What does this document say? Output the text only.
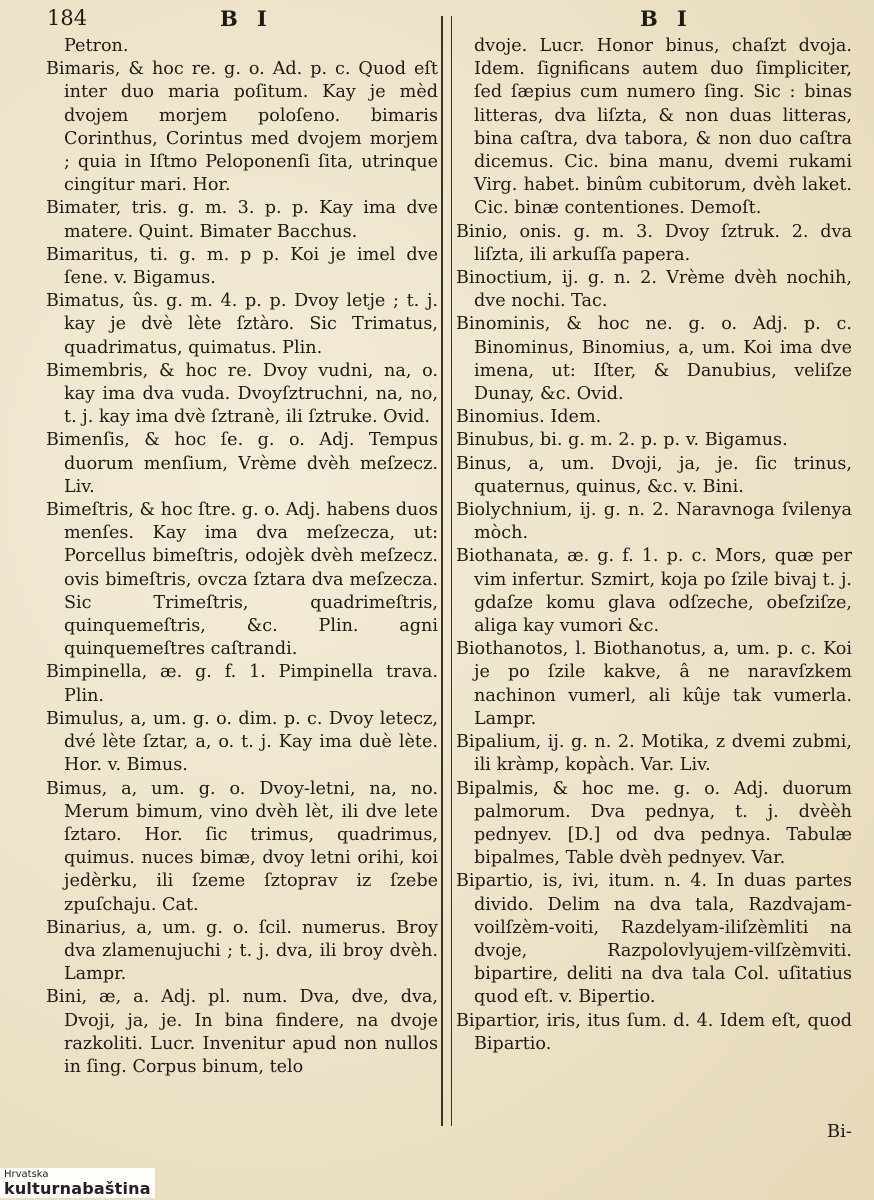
184	B I	B I

Petron.

Bimaris, & hoc re. g. o. Ad. p. c. Quod eſt inter duo maria poſitum. Kay je mèd dvojem morjem poloſeno. bimaris Corinthus, Corintus med dvojem morjem ; quia in Iſtmo Peloponenſi ſita, utrinque cingitur mari. Hor.

Bimater, tris. g. m. 3. p. p. Kay ima dve matere. Quint. Bimater Bacchus.

Bimaritus, ti. g. m. p p. Koi je imel dve ſene. v. Bigamus.

Bimatus, ûs. g. m. 4. p. p. Dvoy letje ; t. j. kay je dvè lète ſztàro. Sic Trimatus, quadrimatus, quimatus. Plin.

Bimembris, & hoc re. Dvoy vudni, na, o. kay ima dva vuda. Dvoyſztruchni, na, no, t. j. kay ima dvè ſztranè, ili ſztruke. Ovid.

Bimenſis, & hoc ſe. g. o. Adj. Tempus duorum menſium, Vrème dvèh meſzecz. Liv.

Bimeſtris, & hoc ſtre. g. o. Adj. habens duos menſes. Kay ima dva meſzecza, ut: Porcellus bimeſtris, odojèk dvèh meſzecz. ovis bimeſtris, ovcza ſztara dva meſzecza. Sic Trimeſtris, quadrimeſtris, quinquemeſtris, &c. Plin. agni quinquemeſtres caſtrandi.

Bimpinella, æ. g. f. 1. Pimpinella trava. Plin.

Bimulus, a, um. g. o. dim. p. c. Dvoy letecz, dvé lète ſztar, a, o. t. j. Kay ima duè lète. Hor. v. Bimus.

Bimus, a, um. g. o. Dvoy-letni, na, no. Merum bimum, vino dvèh lèt, ili dve lete ſztaro. Hor. ſic trimus, quadrimus, quimus. nuces bimæ, dvoy letni orihi, koi jedèrku, ili ſzeme ſztoprav iz ſzebe zpuſchaju. Cat.

Binarius, a, um. g. o. ſcil. numerus. Broy dva zlamenujuchi ; t. j. dva, ili broy dvèh. Lampr.

Bini, æ, a. Adj. pl. num. Dva, dve, dva, Dvoji, ja, je. In bina findere, na dvoje razkoliti. Lucr. Invenitur apud non nullos in ſing. Corpus binum, telo

dvoje. Lucr. Honor binus, chaſzt dvoja. Idem. ſignificans autem duo ſimpliciter, ſed ſæpius cum numero ſing. Sic : binas litteras, dva liſzta, & non duas litteras, bina caſtra, dva tabora, & non duo caſtra dicemus. Cic. bina manu, dvemi rukami Virg. habet. binûm cubitorum, dvèh laket. Cic. binæ contentiones. Demoſt.

Binio, onis. g. m. 3. Dvoy ſztruk. 2. dva liſzta, ili arkuſſa papera.

Binoctium, ij. g. n. 2. Vrème dvèh nochih, dve nochi. Tac.

Binominis, & hoc ne. g. o. Adj. p. c. Binominus, Binomius, a, um. Koi ima dve imena, ut: Iſter, & Danubius, veliſze Dunay, &c. Ovid.

Binomius. Idem.

Binubus, bi. g. m. 2. p. p. v. Bigamus.

Binus, a, um. Dvoji, ja, je. ſic trinus, quaternus, quinus, &c. v. Bini.

Biolychnium, ij. g. n. 2. Naravnoga ſvilenya mòch.

Biothanata, æ. g. f. 1. p. c. Mors, quæ per vim infertur. Szmirt, koja po ſzile bivaj t. j. gdaſze komu glava odſzeche, obeſziſze, aliga kay vumori &c.

Biothanotos, l. Biothanotus, a, um. p. c. Koi je po ſzile kakve, â ne naravſzkem nachinon vumerl, ali kûje tak vumerla. Lampr.

Bipalium, ij. g. n. 2. Motika, z dvemi zubmi, ili kràmp, kopàch. Var. Liv.

Bipalmis, & hoc me. g. o. Adj. duorum palmorum. Dva pednya, t. j. dvèèh pednyev. [D.] od dva pednya. Tabulæ bipalmes, Table dvèh pednyev. Var.

Bipartio, is, ivi, itum. n. 4. In duas partes divido. Delim na dva tala, Razdvajam-voilſzèm-voiti, Razdelyam-iliſzèmliti na dvoje, Razpolovlyujem-vilſzèmviti. bipartire, deliti na dva tala Col. uſitatius quod eſt. v. Bipertio.

Bipartior, iris, itus ſum. d. 4. Idem eſt, quod Bipartio.

Bi-
Hrvatska
kulturnabaština
